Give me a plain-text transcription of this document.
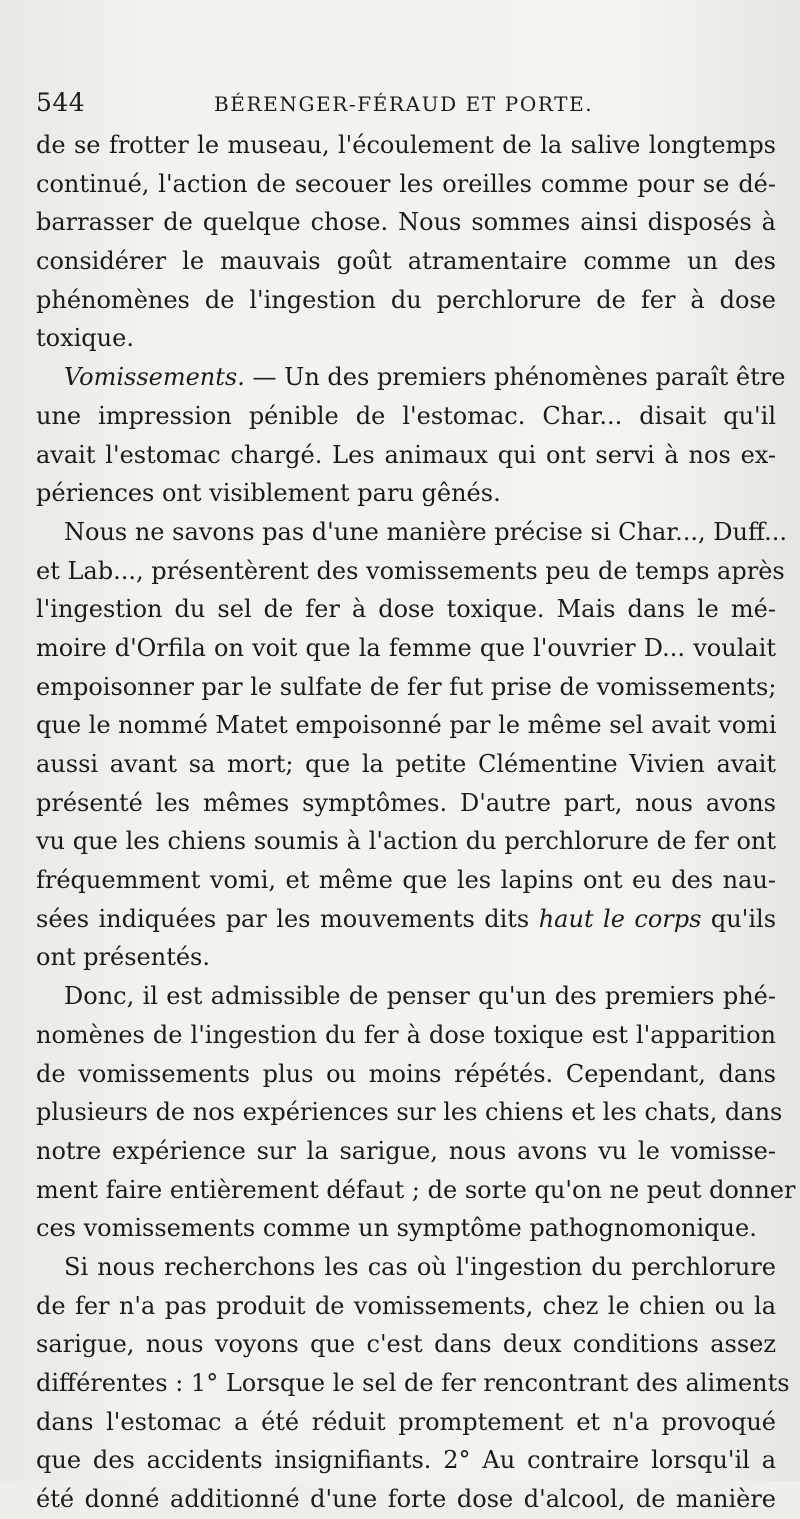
544	BÉRENGER-FÉRAUD ET PORTE.
de se frotter le museau, l'écoulement de la salive longtemps
continué, l'action de secouer les oreilles comme pour se dé-
barrasser de quelque chose. Nous sommes ainsi disposés à
considérer le mauvais goût atramentaire comme un des
phénomènes de l'ingestion du perchlorure de fer à dose
toxique.
Vomissements. — Un des premiers phénomènes paraît être
une impression pénible de l'estomac. Char... disait qu'il
avait l'estomac chargé. Les animaux qui ont servi à nos ex-
périences ont visiblement paru gênés.
Nous ne savons pas d'une manière précise si Char..., Duff...
et Lab..., présentèrent des vomissements peu de temps après
l'ingestion du sel de fer à dose toxique. Mais dans le mé-
moire d'Orfila on voit que la femme que l'ouvrier D... voulait
empoisonner par le sulfate de fer fut prise de vomissements;
que le nommé Matet empoisonné par le même sel avait vomi
aussi avant sa mort; que la petite Clémentine Vivien avait
présenté les mêmes symptômes. D'autre part, nous avons
vu que les chiens soumis à l'action du perchlorure de fer ont
fréquemment vomi, et même que les lapins ont eu des nau-
sées indiquées par les mouvements dits haut le corps qu'ils
ont présentés.
Donc, il est admissible de penser qu'un des premiers phé-
nomènes de l'ingestion du fer à dose toxique est l'apparition
de vomissements plus ou moins répétés. Cependant, dans
plusieurs de nos expériences sur les chiens et les chats, dans
notre expérience sur la sarigue, nous avons vu le vomisse-
ment faire entièrement défaut ; de sorte qu'on ne peut donner
ces vomissements comme un symptôme pathognomonique.
Si nous recherchons les cas où l'ingestion du perchlorure
de fer n'a pas produit de vomissements, chez le chien ou la
sarigue, nous voyons que c'est dans deux conditions assez
différentes : 1° Lorsque le sel de fer rencontrant des aliments
dans l'estomac a été réduit promptement et n'a provoqué
que des accidents insignifiants. 2° Au contraire lorsqu'il a
été donné additionné d'une forte dose d'alcool, de manière
